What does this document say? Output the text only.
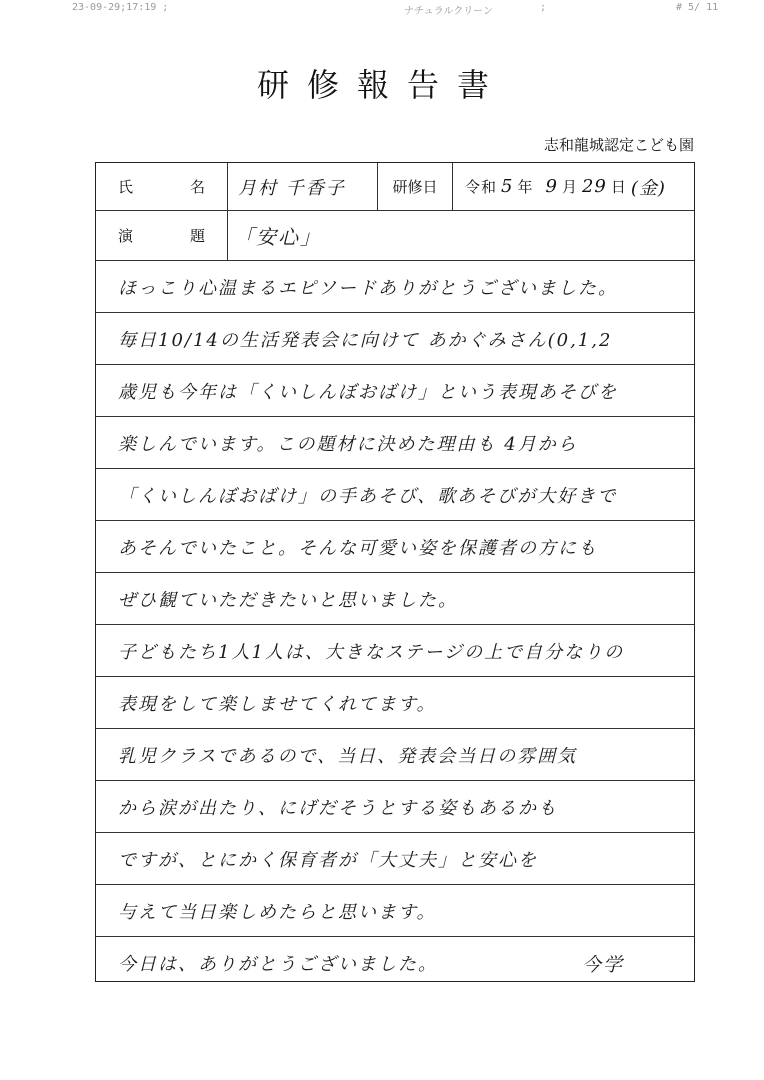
23-09-29;17:19 ;	ナチュラルクリーン	;	# 5/ 11
研修報告書
志和龍城認定こども園
氏	名	月村 千香子	研修日	令和 5 年 9 月 29 日 (金)
演	題	「安心」
ほっこり心温まるエピソードありがとうございました。
毎日10/14の生活発表会に向けて あかぐみさん(0,1,2
歳児も今年は「くいしんぼおばけ」という表現あそびを
楽しんでいます。この題材に決めた理由も 4月から
「くいしんぼおばけ」の手あそび、歌あそびが大好きで
あそんでいたこと。そんな可愛い姿を保護者の方にも
ぜひ観ていただきたいと思いました。
子どもたち1人1人は、大きなステージの上で自分なりの
表現をして楽しませてくれてます。
乳児クラスであるので、当日、発表会当日の雰囲気
から涙が出たり、にげだそうとする姿もあるかも
ですが、とにかく保育者が「大丈夫」と安心を
与えて当日楽しめたらと思います。
今日は、ありがとうございました。	今学
